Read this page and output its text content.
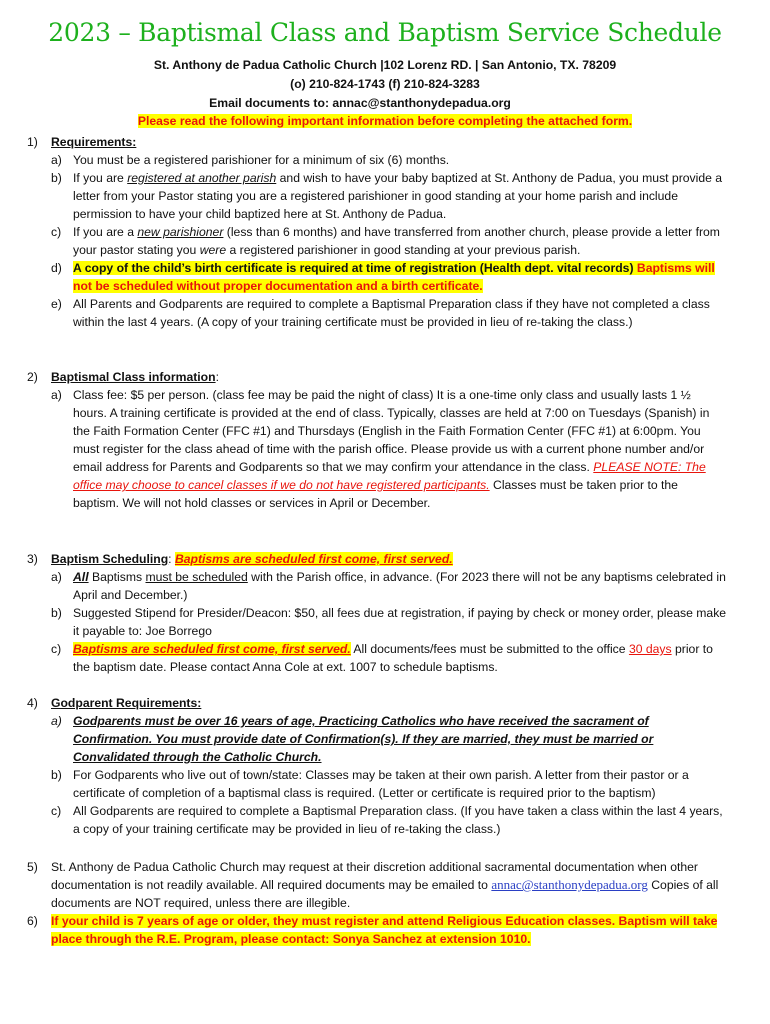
2023 – Baptismal Class and Baptism Service Schedule
St. Anthony de Padua Catholic Church |102 Lorenz RD. | San Antonio, TX. 78209
(o) 210-824-1743 (f) 210-824-3283
Email documents to: annac@stanthonydepadua.org
Please read the following important information before completing the attached form.
1) Requirements:
a) You must be a registered parishioner for a minimum of six (6) months.
b) If you are registered at another parish and wish to have your baby baptized at St. Anthony de Padua, you must provide a letter from your Pastor stating you are a registered parishioner in good standing at your home parish and include permission to have your child baptized here at St. Anthony de Padua.
c) If you are a new parishioner (less than 6 months) and have transferred from another church, please provide a letter from your pastor stating you were a registered parishioner in good standing at your previous parish.
d) A copy of the child’s birth certificate is required at time of registration (Health dept. vital records) Baptisms will not be scheduled without proper documentation and a birth certificate.
e) All Parents and Godparents are required to complete a Baptismal Preparation class if they have not completed a class within the last 4 years. (A copy of your training certificate must be provided in lieu of re-taking the class.)
2) Baptismal Class information:
a) Class fee: $5 per person. (class fee may be paid the night of class) It is a one-time only class and usually lasts 1 ½ hours. A training certificate is provided at the end of class. Typically, classes are held at 7:00 on Tuesdays (Spanish) in the Faith Formation Center (FFC #1) and Thursdays (English in the Faith Formation Center (FFC #1) at 6:00pm. You must register for the class ahead of time with the parish office. Please provide us with a current phone number and/or email address for Parents and Godparents so that we may confirm your attendance in the class. PLEASE NOTE: The office may choose to cancel classes if we do not have registered participants. Classes must be taken prior to the baptism. We will not hold classes or services in April or December.
3) Baptism Scheduling: Baptisms are scheduled first come, first served.
a) All Baptisms must be scheduled with the Parish office, in advance. (For 2023 there will not be any baptisms celebrated in April and December.)
b) Suggested Stipend for Presider/Deacon: $50, all fees due at registration, if paying by check or money order, please make it payable to: Joe Borrego
c) Baptisms are scheduled first come, first served. All documents/fees must be submitted to the office 30 days prior to the baptism date. Please contact Anna Cole at ext. 1007 to schedule baptisms.
4) Godparent Requirements:
a) Godparents must be over 16 years of age, Practicing Catholics who have received the sacrament of Confirmation. You must provide date of Confirmation(s). If they are married, they must be married or Convalidated through the Catholic Church.
b) For Godparents who live out of town/state: Classes may be taken at their own parish. A letter from their pastor or a certificate of completion of a baptismal class is required. (Letter or certificate is required prior to the baptism)
c) All Godparents are required to complete a Baptismal Preparation class. (If you have taken a class within the last 4 years, a copy of your training certificate may be provided in lieu of re-taking the class.)
5)	St. Anthony de Padua Catholic Church may request at their discretion additional sacramental documentation when other documentation is not readily available. All required documents may be emailed to annac@stanthonydepadua.org Copies of all documents are NOT required, unless there are illegible.
6)	If your child is 7 years of age or older, they must register and attend Religious Education classes. Baptism will take place through the R.E. Program, please contact: Sonya Sanchez at extension 1010.
